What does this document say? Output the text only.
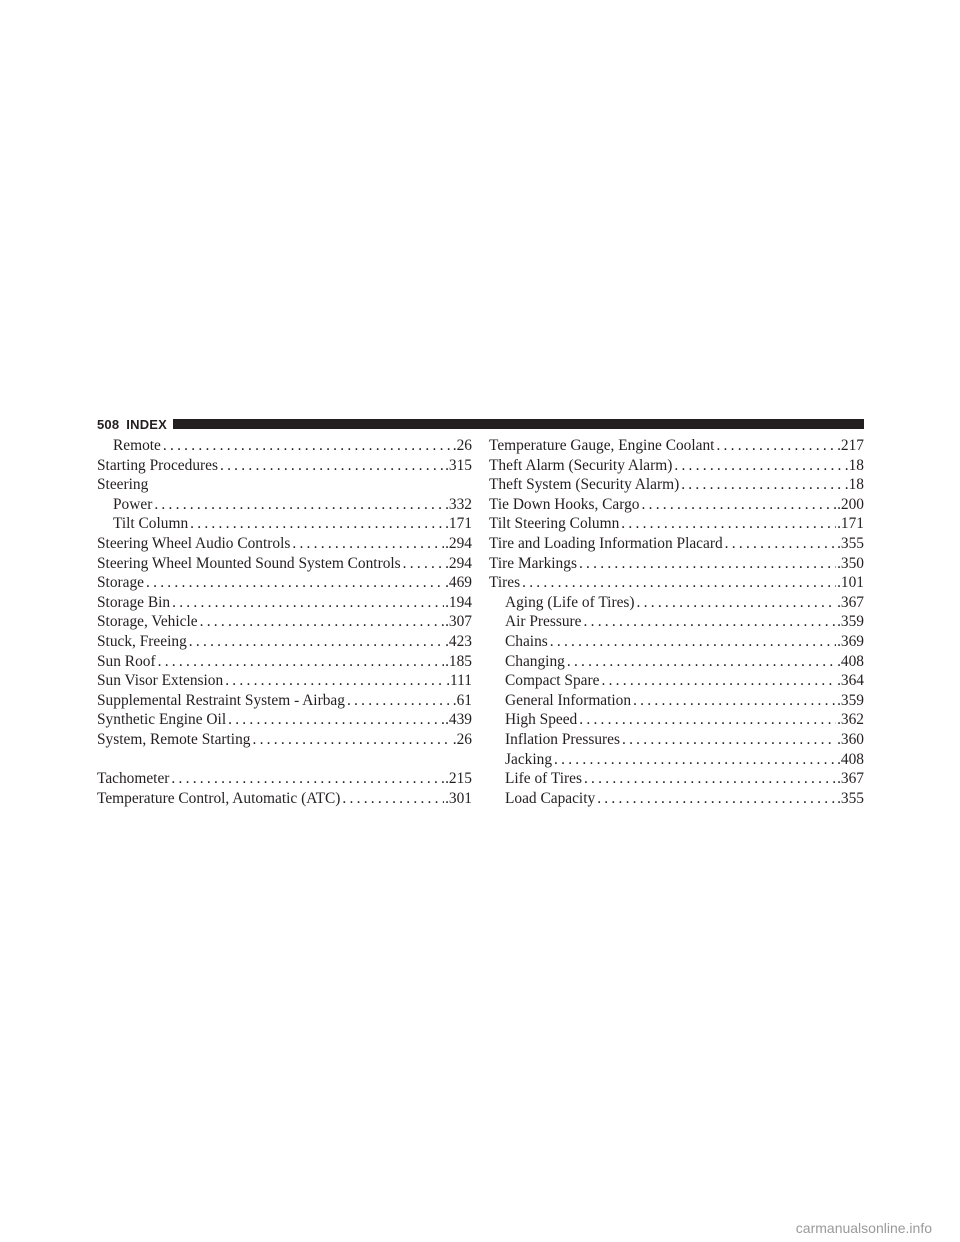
508 INDEX
Remote . . .	.26
Starting Procedures . . .	.315
Steering
Power . . .	.332
Tilt Column . . .	.171
Steering Wheel Audio Controls . . .	.294
Steering Wheel Mounted Sound System Controls . . .	.294
Storage . . .	.469
Storage Bin . . .	.194
Storage, Vehicle . . .	.307
Stuck, Freeing . . .	.423
Sun Roof . . .	.185
Sun Visor Extension . . .	.111
Supplemental Restraint System - Airbag . . .	.61
Synthetic Engine Oil . . .	.439
System, Remote Starting . . .	.26
Tachometer . . .	.215
Temperature Control, Automatic (ATC) . . .	.301
Temperature Gauge, Engine Coolant . . .	.217
Theft Alarm (Security Alarm) . . .	.18
Theft System (Security Alarm) . . .	.18
Tie Down Hooks, Cargo . . .	.200
Tilt Steering Column . . .	.171
Tire and Loading Information Placard . . .	.355
Tire Markings . . .	.350
Tires . . .	.101
Aging (Life of Tires) . . .	.367
Air Pressure . . .	.359
Chains . . .	.369
Changing . . .	.408
Compact Spare . . .	.364
General Information . . .	.359
High Speed . . .	.362
Inflation Pressures . . .	.360
Jacking . . .	.408
Life of Tires . . .	.367
Load Capacity . . .	.355
carmanualsonline.info
